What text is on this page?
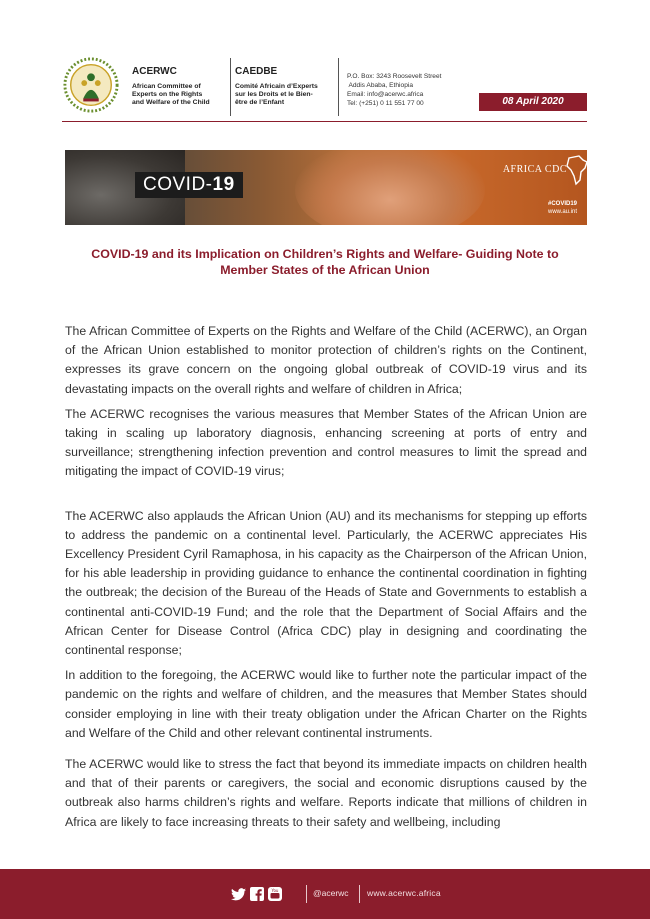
ACERWC
African Committee of
Experts on the Rights
and Welfare of the Child
CAEDBE
Comité Africain d’Experts
sur les Droits et le Bien-
être de l’Enfant
P.O. Box: 3243 Roosevelt Street
Addis Ababa, Ethiopia
Email: info@acerwc.africa
Tel: (+251) 0 11 551 77 00	08 April 2020
COVID-19
AFRICA CDC
#COVID19
www.au.int
COVID-19 and its Implication on Children’s Rights and Welfare- Guiding Note to Member States of the African Union

The African Committee of Experts on the Rights and Welfare of the Child (ACERWC), an Organ of the African Union established to monitor protection of children’s rights on the Continent, expresses its grave concern on the ongoing global outbreak of COVID-19 virus and its devastating impacts on the overall rights and welfare of children in Africa;

The ACERWC recognises the various measures that Member States of the African Union are taking in scaling up laboratory diagnosis, enhancing screening at ports of entry and surveillance; strengthening infection prevention and control measures to limit the spread and mitigating the impact of COVID-19 virus;

The ACERWC also applauds the African Union (AU) and its mechanisms for stepping up efforts to address the pandemic on a continental level. Particularly, the ACERWC appreciates His Excellency President Cyril Ramaphosa, in his capacity as the Chairperson of the African Union, for his able leadership in providing guidance to enhance the continental coordination in fighting the outbreak; the decision of the Bureau of the Heads of State and Governments to establish a continental anti-COVID-19 Fund; and the role that the Department of Social Affairs and the African Center for Disease Control (Africa CDC) play in designing and coordinating the continental response;

In addition to the foregoing, the ACERWC would like to further note the particular impact of the pandemic on the rights and welfare of children, and the measures that Member States should consider employing in line with their treaty obligation under the African Charter on the Rights and Welfare of the Child and other relevant continental instruments.

The ACERWC would like to stress the fact that beyond its immediate impacts on children health and that of their parents or caregivers, the social and economic disruptions caused by the outbreak also harms children’s rights and welfare. Reports indicate that millions of children in Africa are likely to face increasing threats to their safety and wellbeing, including

You	@acerwc www.acerwc.africa
